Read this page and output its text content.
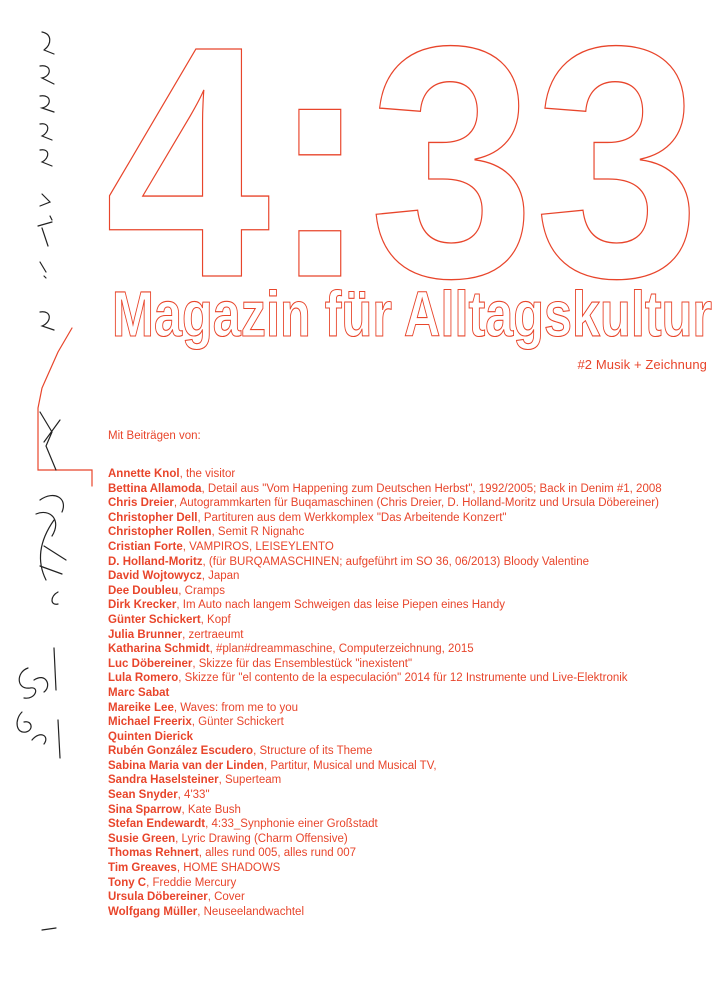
4:33
Magazin für Alltagskultur
#2 Musik + Zeichnung
Mit Beiträgen von:
Annette Knol, the visitor
Bettina Allamoda, Detail aus "Vom Happening zum Deutschen Herbst", 1992/2005; Back in Denim #1, 2008
Chris Dreier, Autogrammkarten für Buqamaschinen (Chris Dreier, D. Holland-Moritz und Ursula Döbereiner)
Christopher Dell, Partituren aus dem Werkkomplex "Das Arbeitende Konzert"
Christopher Rollen, Semit R Nignahc
Cristian Forte, VAMPIROS, LEISEYLENTO
D. Holland-Moritz, (für BURQAMASCHINEN; aufgeführt im SO 36, 06/2013) Bloody Valentine
David Wojtowycz, Japan
Dee Doubleu, Cramps
Dirk Krecker, Im Auto nach langem Schweigen das leise Piepen eines Handy
Günter Schickert, Kopf
Julia Brunner, zertraeumt
Katharina Schmidt, #plan#dreammaschine, Computerzeichnung, 2015
Luc Döbereiner, Skizze für das Ensemblestück "inexistent"
Lula Romero, Skizze für "el contento de la especulación" 2014 für 12 Instrumente und Live-Elektronik
Marc Sabat
Mareike Lee, Waves: from me to you
Michael Freerix, Günter Schickert
Quinten Dierick
Rubén González Escudero, Structure of its Theme
Sabina Maria van der Linden, Partitur, Musical und Musical TV,
Sandra Haselsteiner, Superteam
Sean Snyder, 4'33"
Sina Sparrow, Kate Bush
Stefan Endewardt, 4:33_Synphonie einer Großstadt
Susie Green, Lyric Drawing (Charm Offensive)
Thomas Rehnert, alles rund 005, alles rund 007
Tim Greaves, HOME SHADOWS
Tony C, Freddie Mercury
Ursula Döbereiner, Cover
Wolfgang Müller, Neuseelandwachtel
